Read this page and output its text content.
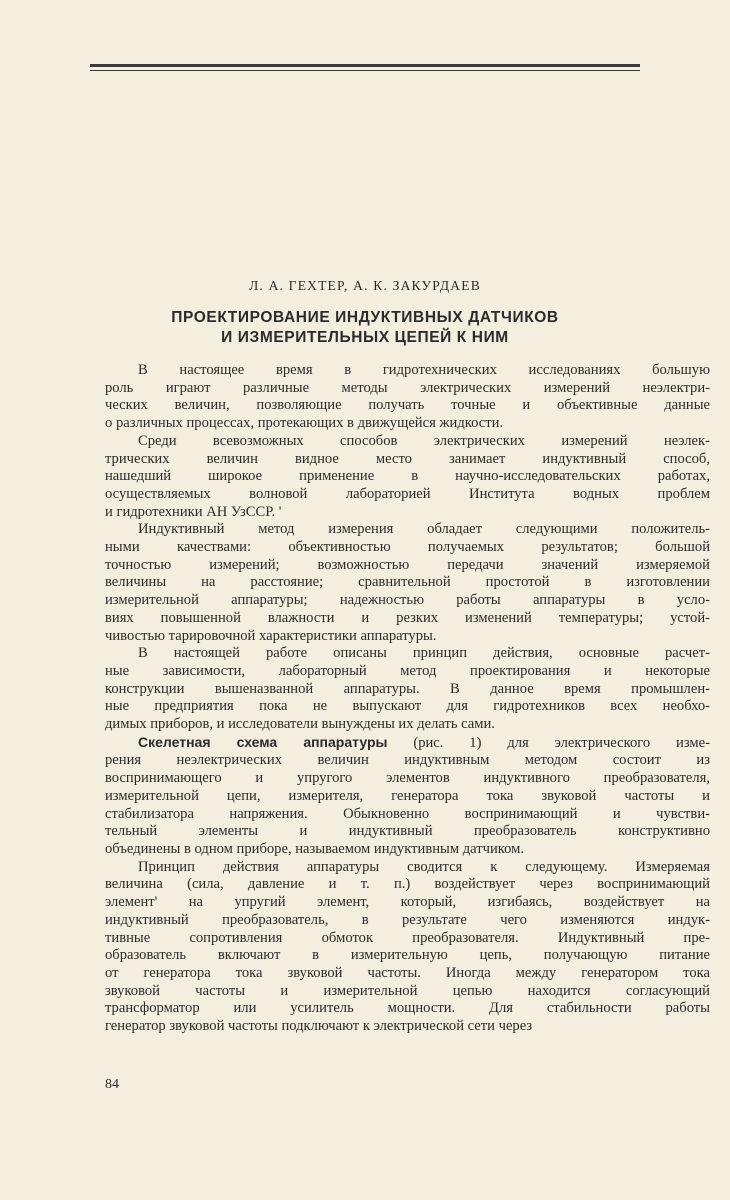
Л. А. ГЕХТЕР, А. К. ЗАКУРДАЕВ
ПРОЕКТИРОВАНИЕ ИНДУКТИВНЫХ ДАТЧИКОВ
И ИЗМЕРИТЕЛЬНЫХ ЦЕПЕЙ К НИМ
В настоящее время в гидротехнических исследованиях большую
роль играют различные методы электрических измерений неэлектри-
ческих величин, позволяющие получать точные и объективные данные
о различных процессах, протекающих в движущейся жидкости.
Среди всевозможных способов электрических измерений неэлек-
трических величин видное место занимает индуктивный способ,
нашедший широкое применение в научно-исследовательских работах,
осуществляемых волновой лабораторией Института водных проблем
и гидротехники АН УзССР. '
Индуктивный метод измерения обладает следующими положитель-
ными качествами: объективностью получаемых результатов; большой
точностью измерений; возможностью передачи значений измеряемой
величины на расстояние; сравнительной простотой в изготовлении
измерительной аппаратуры; надежностью работы аппаратуры в усло-
виях повышенной влажности и резких изменений температуры; устой-
чивостью тарировочной характеристики аппаратуры.
В настоящей работе описаны принцип действия, основные расчет-
ные зависимости, лабораторный метод проектирования и некоторые
конструкции вышеназванной аппаратуры. В данное время промышлен-
ные предприятия пока не выпускают для гидротехников всех необхо-
димых приборов, и исследователи вынуждены их делать сами.
Скелетная схема аппаратуры (рис. 1) для электрического изме-
рения неэлектрических величин индуктивным методом состоит из
воспринимающего и упругого элементов индуктивного преобразователя,
измерительной цепи, измерителя, генератора тока звуковой частоты и
стабилизатора напряжения. Обыкновенно воспринимающий и чувстви-
тельный элементы и индуктивный преобразователь конструктивно
объединены в одном приборе, называемом индуктивным датчиком.
Принцип действия аппаратуры сводится к следующему. Измеряемая
величина (сила, давление и т. п.) воздействует через воспринимающий
элемент' на упругий элемент, который, изгибаясь, воздействует на
индуктивный преобразователь, в результате чего изменяются индук-
тивные сопротивления обмоток преобразователя. Индуктивный пре-
образователь включают в измерительную цепь, получающую питание
от генератора тока звуковой частоты. Иногда между генератором тока
звуковой частоты и измерительной цепью находится согласующий
трансформатор или усилитель мощности. Для стабильности работы
генератор звуковой частоты подключают к электрической сети через
84
